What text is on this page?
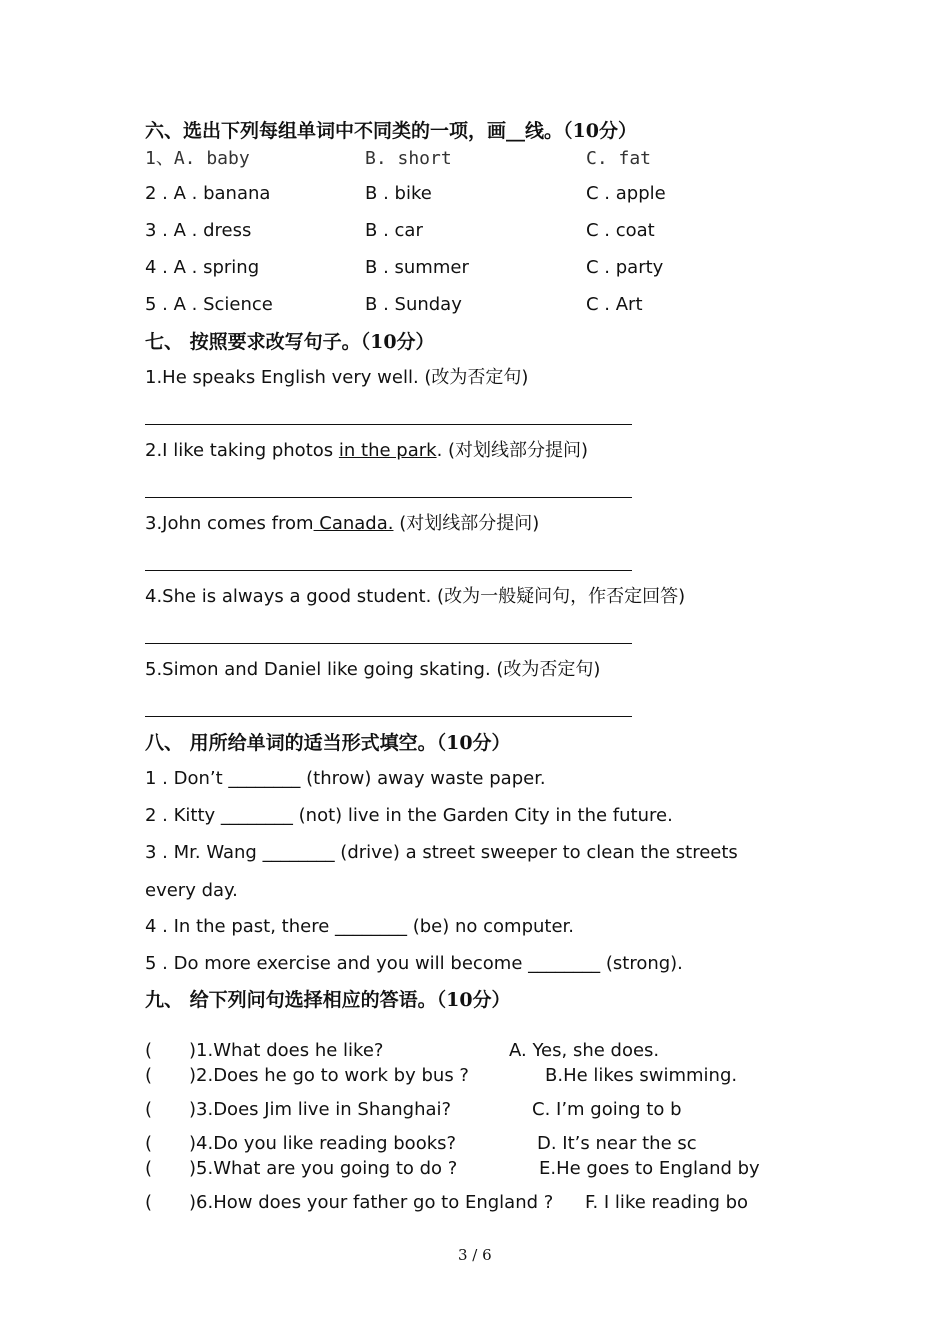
六、选出下列每组单词中不同类的一项，画__线。（10分）
1、A. baby	B. short	C. fat
2 . A . banana	B . bike	C . apple
3 . A . dress	B . car	C . coat
4 . A . spring	B . summer	C . party
5 . A . Science	B . Sunday	C . Art
七、 按照要求改写句子。（10分）
1.He speaks English very well. (改为否定句)
2.I like taking photos in the park. (对划线部分提问)
3.John comes from Canada. (对划线部分提问)
4.She is always a good student. (改为一般疑问句，作否定回答)
5.Simon and Daniel like going skating. (改为否定句)
八、 用所给单词的适当形式填空。（10分）
1 . Don’t ________ (throw) away waste paper.
2 . Kitty ________ (not) live in the Garden City in the future.
3 . Mr. Wang ________ (drive) a street sweeper to clean the streets
every day.
4 . In the past, there ________ (be) no computer.
5 . Do more exercise and you will become ________ (strong).
九、 给下列问句选择相应的答语。（10分）
( )1.What does he like?	A. Yes, she does.
( )2.Does he go to work by bus ?	B.He likes swimming.
( )3.Does Jim live in Shanghai?	C. I’m going to b
( )4.Do you like reading books?	D. It’s near the sc
( )5.What are you going to do ?	E.He goes to England by
( )6.How does your father go to England ? F. I like reading bo
3 / 6
